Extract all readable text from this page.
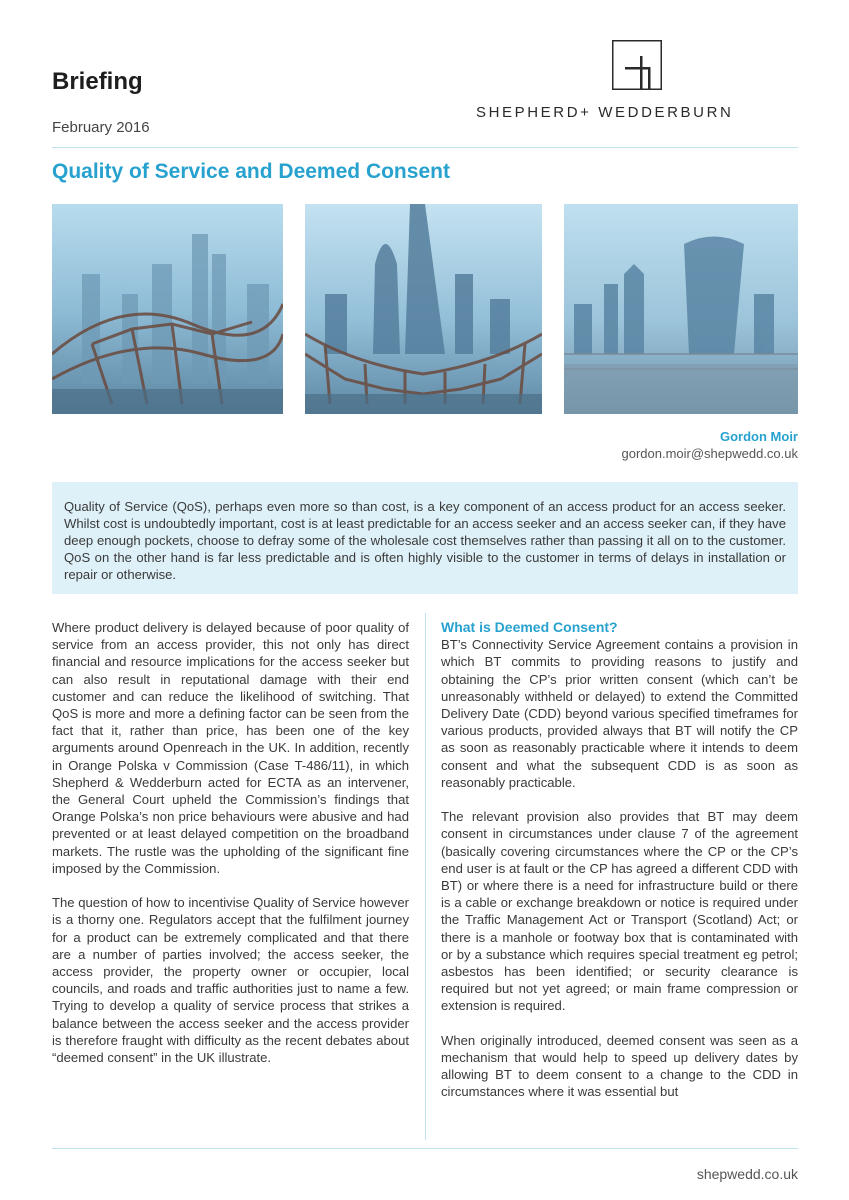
Briefing
February 2016
SHEPHERD+ WEDDERBURN
Quality of Service and Deemed Consent
Gordon Moir
gordon.moir@shepwedd.co.uk

Quality of Service (QoS), perhaps even more so than cost, is a key component of an access product for an access seeker. Whilst cost is undoubtedly important, cost is at least predictable for an access seeker and an access seeker can, if they have deep enough pockets, choose to defray some of the wholesale cost themselves rather than passing it all on to the customer. QoS on the other hand is far less predictable and is often highly visible to the customer in terms of delays in installation or repair or otherwise.

Where product delivery is delayed because of poor quality of service from an access provider, this not only has direct financial and resource implications for the access seeker but can also result in reputational damage with their end customer and can reduce the likelihood of switching. That QoS is more and more a defining factor can be seen from the fact that it, rather than price, has been one of the key arguments around Openreach in the UK. In addition, recently in Orange Polska v Commission (Case T-486/11), in which Shepherd & Wedderburn acted for ECTA as an intervener, the General Court upheld the Commission’s findings that Orange Polska’s non price behaviours were abusive and had prevented or at least delayed competition on the broadband markets. The rustle was the upholding of the significant fine imposed by the Commission.

The question of how to incentivise Quality of Service however is a thorny one. Regulators accept that the fulfilment journey for a product can be extremely complicated and that there are a number of parties involved; the access seeker, the access provider, the property owner or occupier, local councils, and roads and traffic authorities just to name a few. Trying to develop a quality of service process that strikes a balance between the access seeker and the access provider is therefore fraught with difficulty as the recent debates about “deemed consent” in the UK illustrate.

What is Deemed Consent?

BT’s Connectivity Service Agreement contains a provision in which BT commits to providing reasons to justify and obtaining the CP’s prior written consent (which can’t be unreasonably withheld or delayed) to extend the Committed Delivery Date (CDD) beyond various specified timeframes for various products, provided always that BT will notify the CP as soon as reasonably practicable where it intends to deem consent and what the subsequent CDD is as soon as reasonably practicable.

The relevant provision also provides that BT may deem consent in circumstances under clause 7 of the agreement (basically covering circumstances where the CP or the CP’s end user is at fault or the CP has agreed a different CDD with BT) or where there is a need for infrastructure build or there is a cable or exchange breakdown or notice is required under the Traffic Management Act or Transport (Scotland) Act; or there is a manhole or footway box that is contaminated with or by a substance which requires special treatment eg petrol; asbestos has been identified; or security clearance is required but not yet agreed; or main frame compression or extension is required.

When originally introduced, deemed consent was seen as a mechanism that would help to speed up delivery dates by allowing BT to deem consent to a change to the CDD in circumstances where it was essential but

shepwedd.co.uk
